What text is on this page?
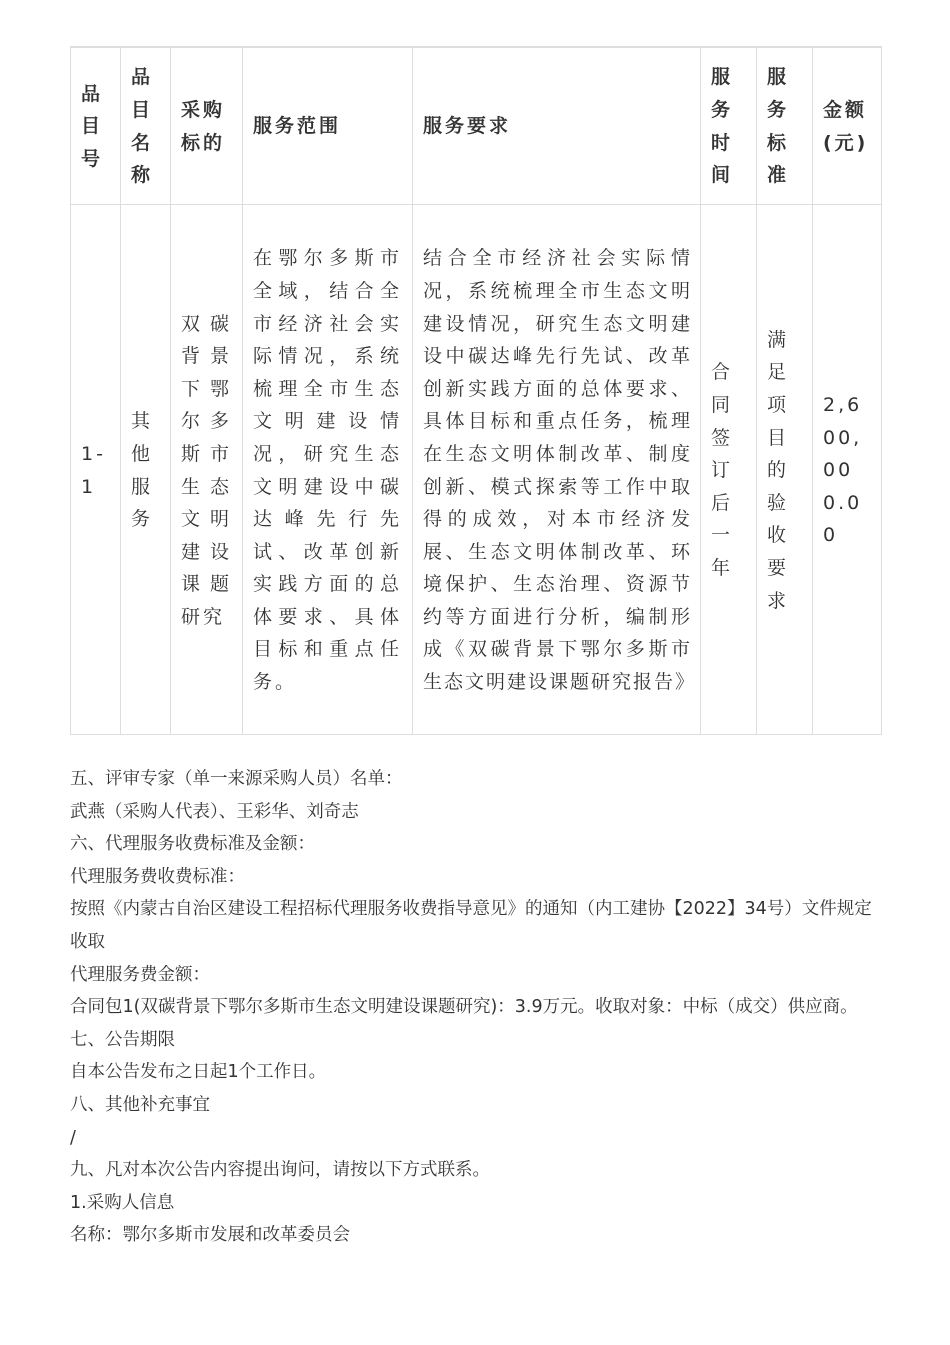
品目号	品目名称	采购标的	服务范围	服务要求	服务时间	服务标准	金额(元)

1-1	其他服务	双碳背景下鄂尔多斯市生态文明建设课题研究	在鄂尔多斯市全域，结合全市经济社会实际情况，系统梳理全市生态文明建设情况，研究生态文明建设中碳达峰先行先试、改革创新实践方面的总体要求、具体目标和重点任务。	结合全市经济社会实际情况，系统梳理全市生态文明建设情况，研究生态文明建设中碳达峰先行先试、改革创新实践方面的总体要求、具体目标和重点任务，梳理在生态文明体制改革、制度创新、模式探索等工作中取得的成效，对本市经济发展、生态文明体制改革、环境保护、生态治理、资源节约等方面进行分析，编制形成《双碳背景下鄂尔多斯市生态文明建设课题研究报告》	合同签订后一年	满足项目的验收要求	2,600,000.00

五、评审专家（单一来源采购人员）名单：

武燕（采购人代表）、王彩华、刘奇志

六、代理服务收费标准及金额：

代理服务费收费标准：

按照《内蒙古自治区建设工程招标代理服务收费指导意见》的通知（内工建协【2022】34号）文件规定收取

代理服务费金额：

合同包1(双碳背景下鄂尔多斯市生态文明建设课题研究)：3.9万元。收取对象：中标（成交）供应商。

七、公告期限

自本公告发布之日起1个工作日。

八、其他补充事宜

/

九、凡对本次公告内容提出询问，请按以下方式联系。

1.采购人信息

名称：鄂尔多斯市发展和改革委员会
